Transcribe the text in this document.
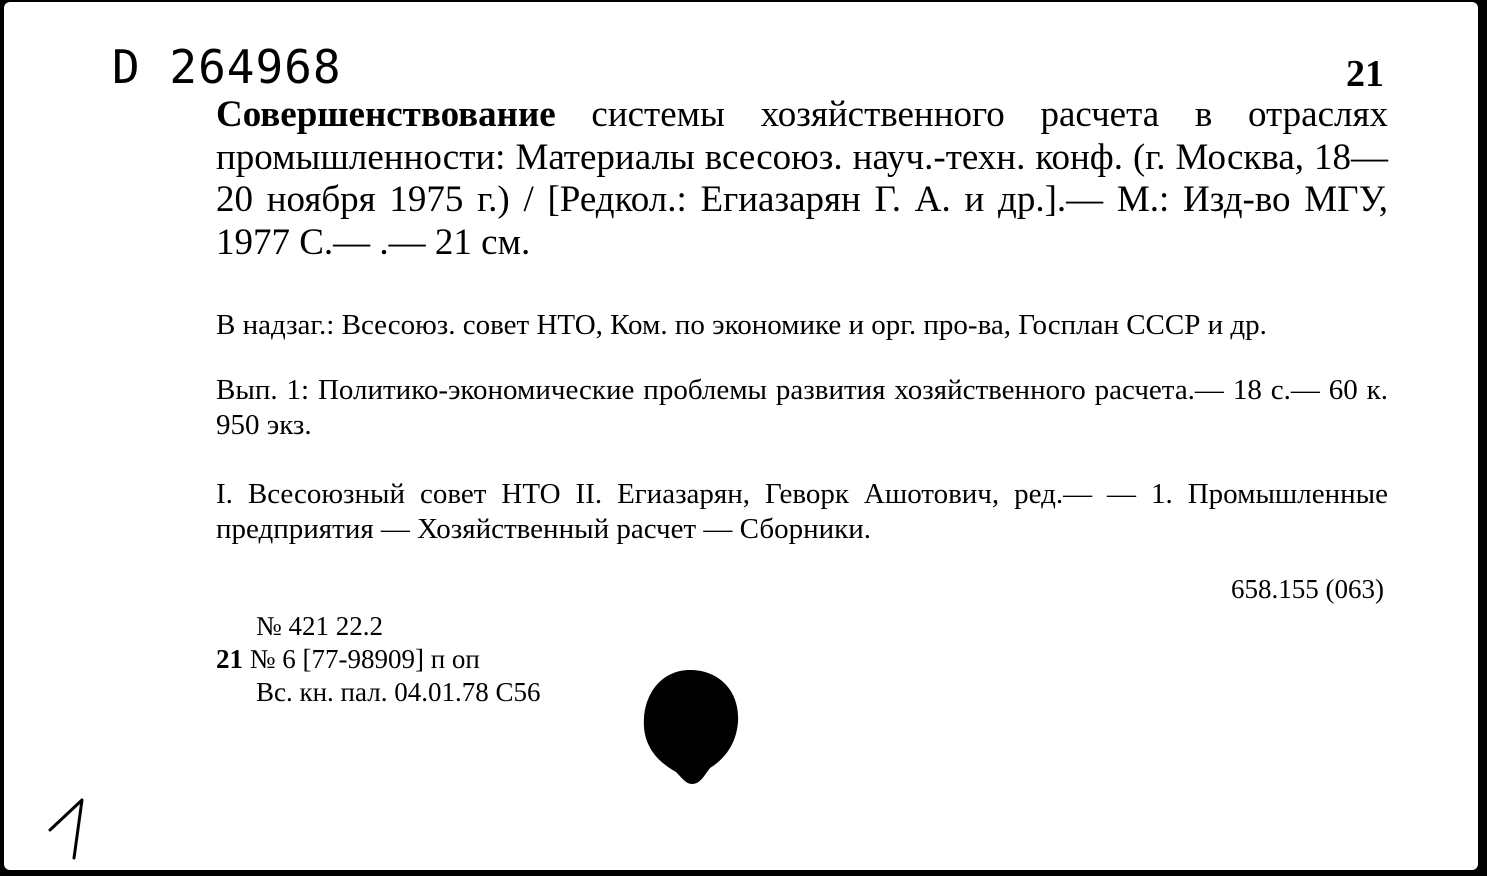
D 264968	21
Совершенствование системы хозяйственного расчета в отраслях промышленности: Материалы всесоюз. науч.-техн. конф. (г. Москва, 18—20 ноября 1975 г.) / [Редкол.: Егиазарян Г. А. и др.].— М.: Изд-во МГУ, 1977 С.— .— 21 см.
В надзаг.: Всесоюз. совет НТО, Ком. по экономике и орг. про-ва, Госплан СССР и др.
Вып. 1: Политико-экономические проблемы развития хозяйственного расчета.— 18 с.— 60 к. 950 экз.
I. Всесоюзный совет НТО II. Егиазарян, Геворк Ашотович, ред.— — 1. Промышленные предприятия — Хозяйственный расчет — Сборники.
658.155 (063)
№ 421 22.2
21 № 6 [77-98909] п оп
Вс. кн. пал. 04.01.78 С56
